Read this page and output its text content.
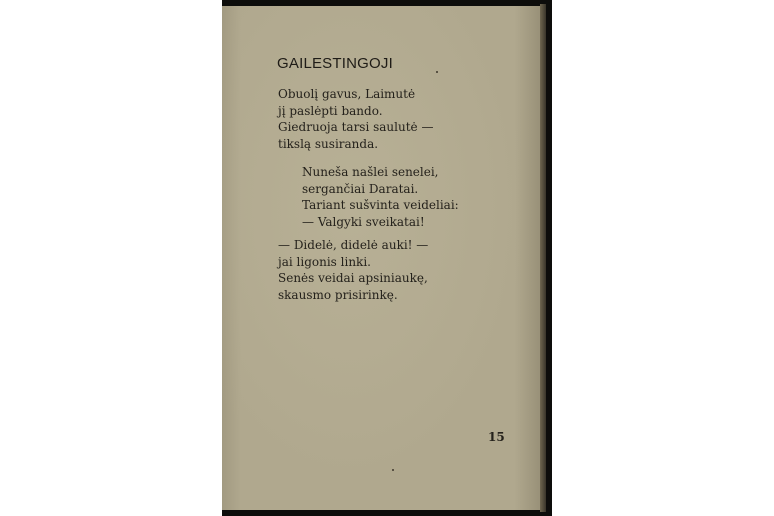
GAILESTINGOJI
Obuolį gavus, Laimutė
jį paslėpti bando.
Giedruoja tarsi saulutė —
tikslą susiranda.
Nuneša našlei senelei,
sergančiai Daratai.
Tariant sušvinta veideliai:
— Valgyki sveikatai!
— Didelė, didelė auki! —
jai ligonis linki.
Senės veidai apsiniaukę,
skausmo prisirinkę.
15
